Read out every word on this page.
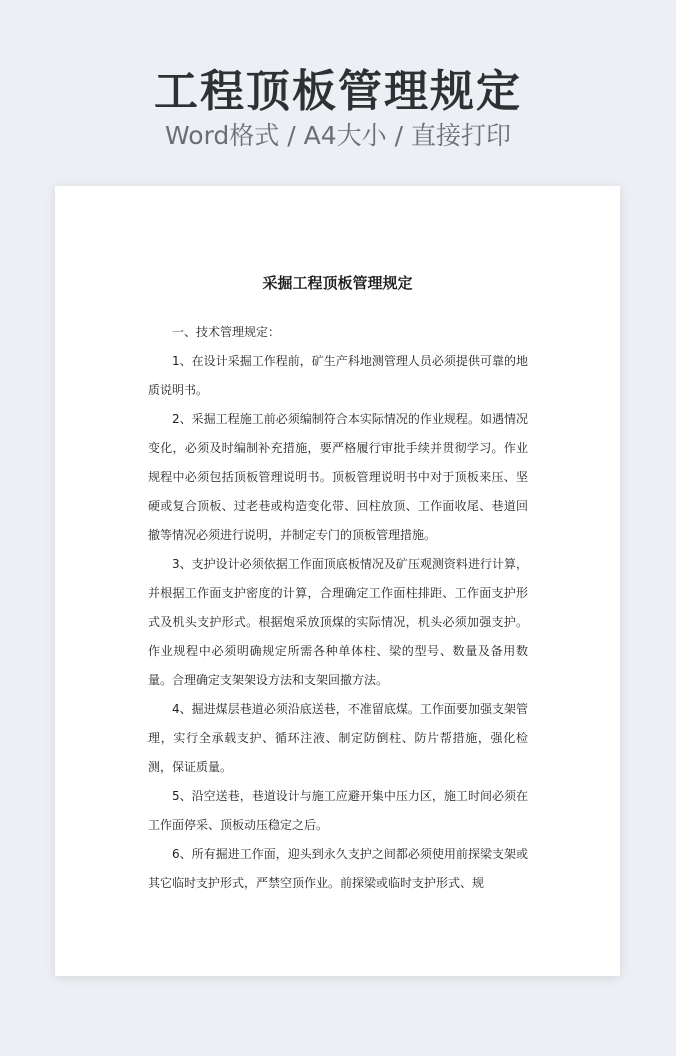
工程顶板管理规定
Word格式 / A4大小 / 直接打印
采掘工程顶板管理规定

一、技术管理规定：

1、在设计采掘工作程前，矿生产科地测管理人员必须提供可靠的地质说明书。

2、采掘工程施工前必须编制符合本实际情况的作业规程。如遇情况变化，必须及时编制补充措施，要严格履行审批手续并贯彻学习。作业规程中必须包括顶板管理说明书。顶板管理说明书中对于顶板来压、坚硬或复合顶板、过老巷或构造变化带、回柱放顶、工作面收尾、巷道回撤等情况必须进行说明，并制定专门的顶板管理措施。

3、支护设计必须依据工作面顶底板情况及矿压观测资料进行计算，并根据工作面支护密度的计算，合理确定工作面柱排距、工作面支护形式及机头支护形式。根据炮采放顶煤的实际情况，机头必须加强支护。作业规程中必须明确规定所需各种单体柱、梁的型号、数量及备用数量。合理确定支架架设方法和支架回撤方法。

4、掘进煤层巷道必须沿底送巷，不准留底煤。工作面要加强支架管理，实行全承载支护、循环注液、制定防倒柱、防片帮措施，强化检测，保证质量。

5、沿空送巷，巷道设计与施工应避开集中压力区，施工时间必须在工作面停采、顶板动压稳定之后。

6、所有掘进工作面，迎头到永久支护之间都必须使用前探梁支架或其它临时支护形式，严禁空顶作业。前探梁或临时支护形式、规
